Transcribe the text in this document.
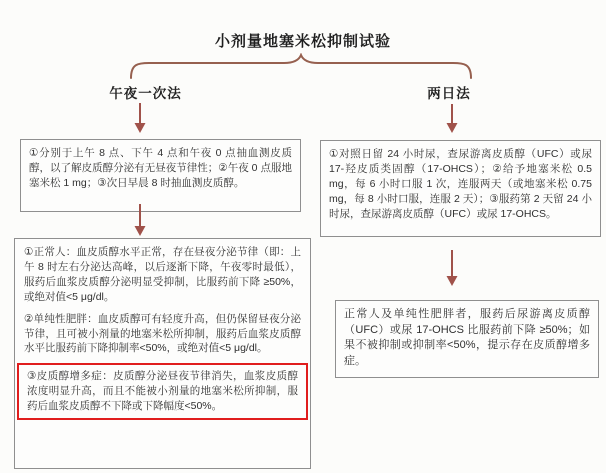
小剂量地塞米松抑制试验
午夜一次法	两日法
①分别于上午 8 点、下午 4 点和午夜 0 点抽血测皮质醇，以了解皮质醇分泌有无昼夜节律性；②午夜 0 点服地塞米松 1 mg；③次日早晨 8 时抽血测皮质醇。

①正常人：血皮质醇水平正常，存在昼夜分泌节律（即：上午 8 时左右分泌达高峰，以后逐渐下降，午夜零时最低），服药后血浆皮质醇分泌明显受抑制，比服药前下降 ≥50%，或绝对值<5 μg/dl。

②单纯性肥胖：血皮质醇可有轻度升高，但仍保留昼夜分泌节律，且可被小剂量的地塞米松所抑制，服药后血浆皮质醇水平比服药前下降抑制率<50%，或绝对值<5 μg/dl。

③皮质醇增多症：皮质醇分泌昼夜节律消失，血浆皮质醇浓度明显升高，而且不能被小剂量的地塞米松所抑制，服药后血浆皮质醇不下降或下降幅度<50%。

①对照日留 24 小时尿，查尿游离皮质醇（UFC）或尿 17-羟皮质类固醇（17-OHCS）；②给予地塞米松 0.5 mg，每 6 小时口服 1 次，连服两天（或地塞米松 0.75 mg，每 8 小时口服，连服 2 天）；③服药第 2 天留 24 小时尿，查尿游离皮质醇（UFC）或尿 17-OHCS。
正常人及单纯性肥胖者，服药后尿游离皮质醇（UFC）或尿 17-OHCS 比服药前下降 ≥50%；如果不被抑制或抑制率<50%，提示存在皮质醇增多症。
